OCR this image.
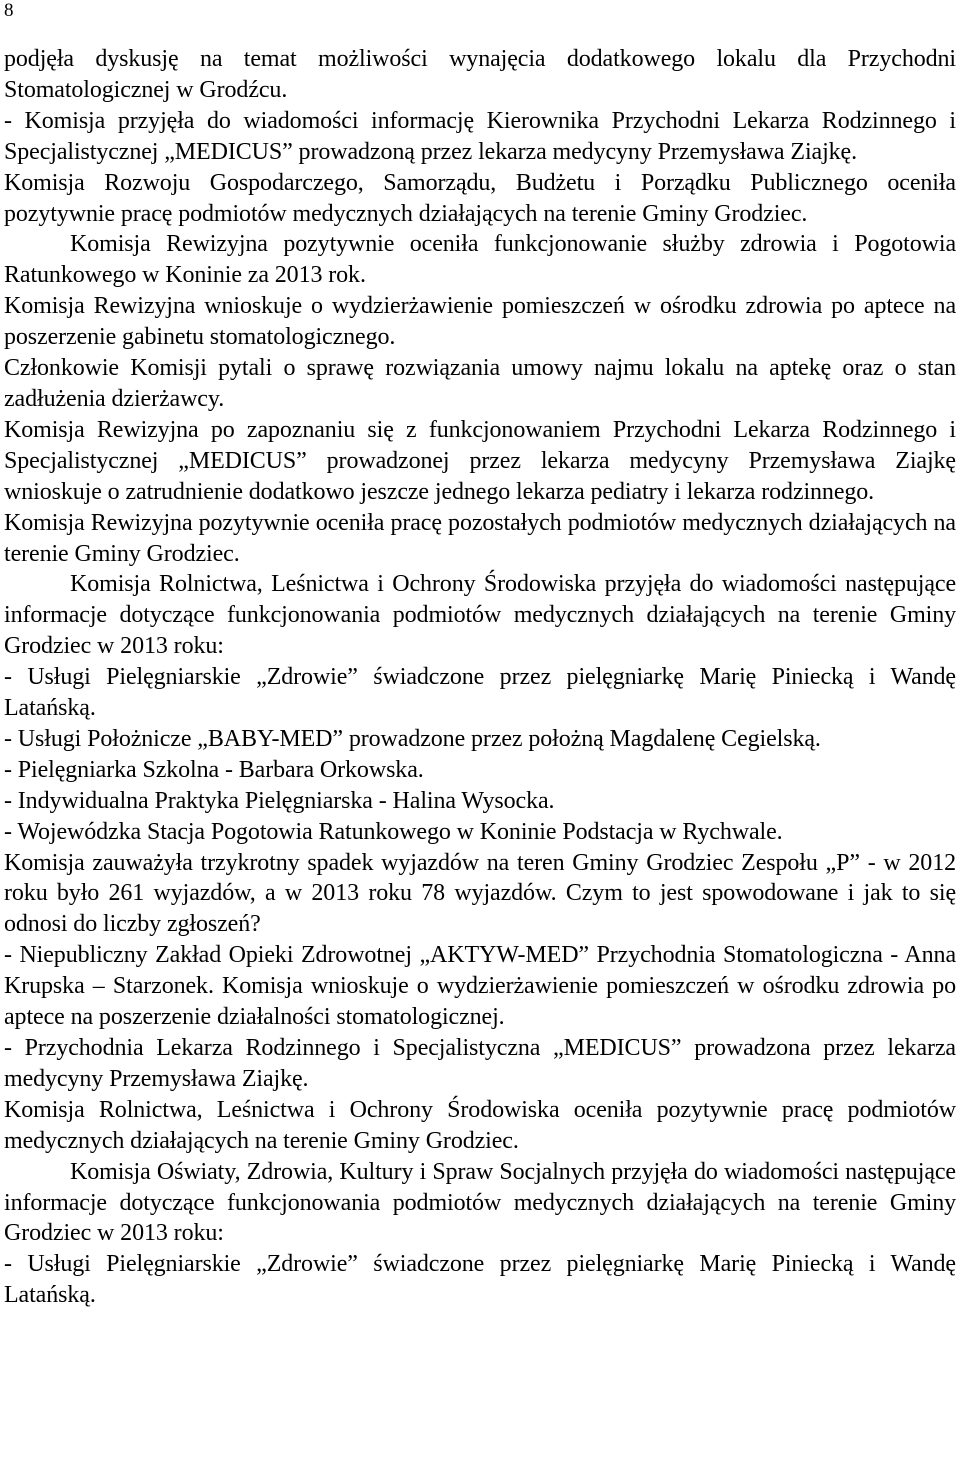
8

podjęła dyskusję na temat możliwości wynajęcia dodatkowego lokalu dla Przychodni Stomatologicznej w Grodźcu.

- Komisja przyjęła do wiadomości informację Kierownika Przychodni Lekarza Rodzinnego i Specjalistycznej „MEDICUS” prowadzoną przez lekarza medycyny Przemysława Ziajkę.

Komisja Rozwoju Gospodarczego, Samorządu, Budżetu i Porządku Publicznego oceniła pozytywnie pracę podmiotów medycznych działających na terenie Gminy Grodziec.

Komisja Rewizyjna pozytywnie oceniła funkcjonowanie służby zdrowia i Pogotowia Ratunkowego w Koninie za 2013 rok.

Komisja Rewizyjna wnioskuje o wydzierżawienie pomieszczeń w ośrodku zdrowia po aptece na poszerzenie gabinetu stomatologicznego.

Członkowie Komisji pytali o sprawę rozwiązania umowy najmu lokalu na aptekę oraz o stan zadłużenia dzierżawcy.

Komisja Rewizyjna po zapoznaniu się z funkcjonowaniem Przychodni Lekarza Rodzinnego i Specjalistycznej „MEDICUS” prowadzonej przez lekarza medycyny Przemysława Ziajkę wnioskuje o zatrudnienie dodatkowo jeszcze jednego lekarza pediatry i lekarza rodzinnego.

Komisja Rewizyjna pozytywnie oceniła pracę pozostałych podmiotów medycznych działających na terenie Gminy Grodziec.

Komisja Rolnictwa, Leśnictwa i Ochrony Środowiska przyjęła do wiadomości następujące informacje dotyczące funkcjonowania podmiotów medycznych działających na terenie Gminy Grodziec w 2013 roku:

- Usługi Pielęgniarskie „Zdrowie” świadczone przez pielęgniarkę Marię Piniecką i Wandę Latańską.

- Usługi Położnicze „BABY-MED” prowadzone przez położną Magdalenę Cegielską.

- Pielęgniarka Szkolna - Barbara Orkowska.

- Indywidualna Praktyka Pielęgniarska - Halina Wysocka.

- Wojewódzka Stacja Pogotowia Ratunkowego w Koninie Podstacja w Rychwale.

Komisja zauważyła trzykrotny spadek wyjazdów na teren Gminy Grodziec Zespołu „P” - w 2012 roku było 261 wyjazdów, a w 2013 roku 78 wyjazdów. Czym to jest spowodowane i jak to się odnosi do liczby zgłoszeń?

- Niepubliczny Zakład Opieki Zdrowotnej „AKTYW-MED” Przychodnia Stomatologiczna - Anna Krupska – Starzonek. Komisja wnioskuje o wydzierżawienie pomieszczeń w ośrodku zdrowia po aptece na poszerzenie działalności stomatologicznej.

- Przychodnia Lekarza Rodzinnego i Specjalistyczna „MEDICUS” prowadzona przez lekarza medycyny Przemysława Ziajkę.

Komisja Rolnictwa, Leśnictwa i Ochrony Środowiska oceniła pozytywnie pracę podmiotów medycznych działających na terenie Gminy Grodziec.

Komisja Oświaty, Zdrowia, Kultury i Spraw Socjalnych przyjęła do wiadomości następujące informacje dotyczące funkcjonowania podmiotów medycznych działających na terenie Gminy Grodziec w 2013 roku:

- Usługi Pielęgniarskie „Zdrowie” świadczone przez pielęgniarkę Marię Piniecką i Wandę Latańską.
